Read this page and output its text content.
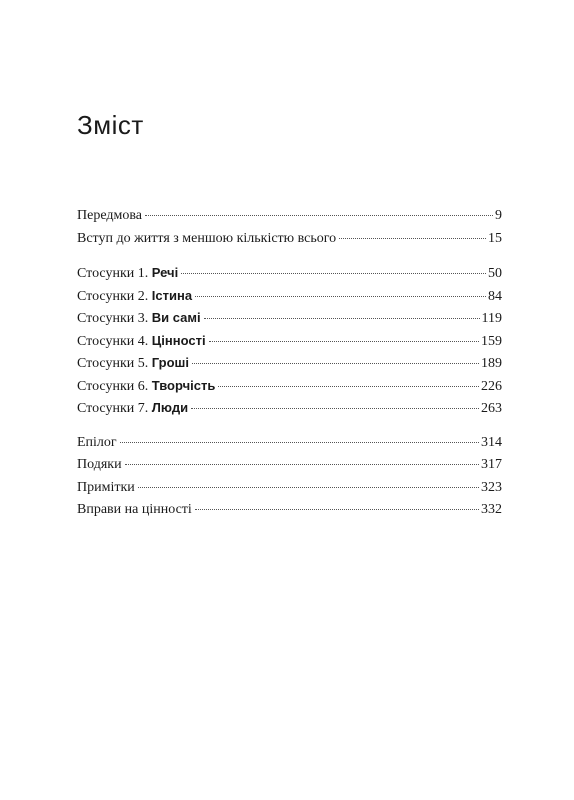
Зміст
Передмова	9
Вступ до життя з меншою кількістю всього	15
Стосунки 1. Речі	50
Стосунки 2. Істина	84
Стосунки 3. Ви самі	119
Стосунки 4. Цінності	159
Стосунки 5. Гроші	189
Стосунки 6. Творчість	226
Стосунки 7. Люди	263
Епілог	314
Подяки	317
Примітки	323
Вправи на цінності	332
